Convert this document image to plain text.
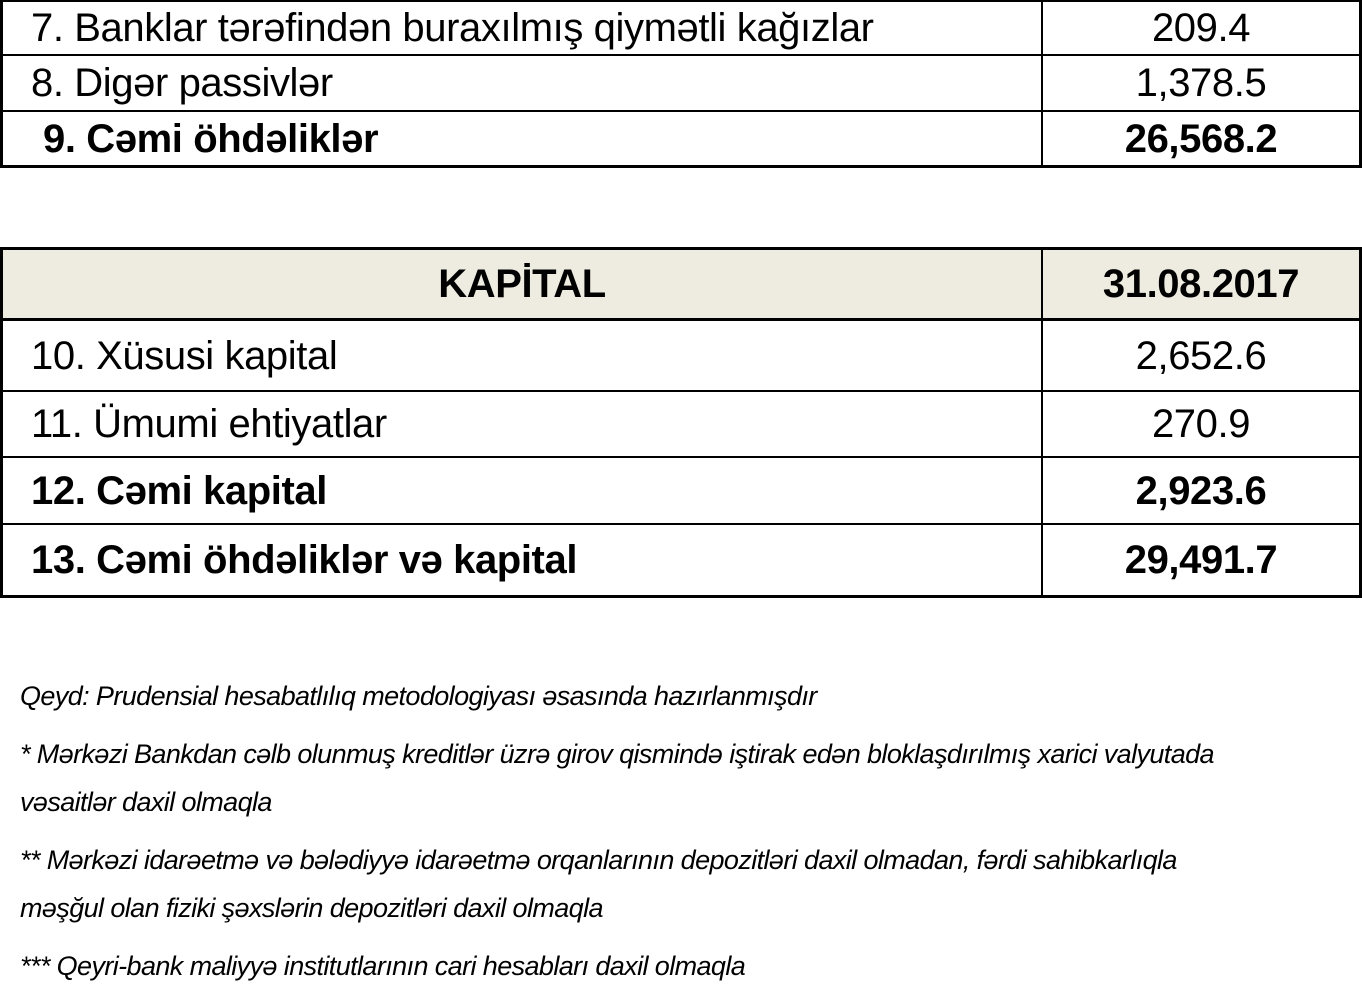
7. Banklar tərəfindən buraxılmış qiymətli kağızlar	209.4
8. Digər passivlər	1,378.5
9. Cəmi öhdəliklər	26,568.2
KAPİTAL	31.08.2017
10. Xüsusi kapital	2,652.6
11. Ümumi ehtiyatlar	270.9
12. Cəmi kapital	2,923.6
13. Cəmi öhdəliklər və kapital	29,491.7
Qeyd: Prudensial hesabatlılıq metodologiyası əsasında hazırlanmışdır
* Mərkəzi Bankdan cəlb olunmuş kreditlər üzrə girov qismində iştirak edən bloklaşdırılmış xarici valyutada
vəsaitlər daxil olmaqla
** Mərkəzi idarəetmə və bələdiyyə idarəetmə orqanlarının depozitləri daxil olmadan, fərdi sahibkarlıqla
məşğul olan fiziki şəxslərin depozitləri daxil olmaqla
*** Qeyri-bank maliyyə institutlarının cari hesabları daxil olmaqla
